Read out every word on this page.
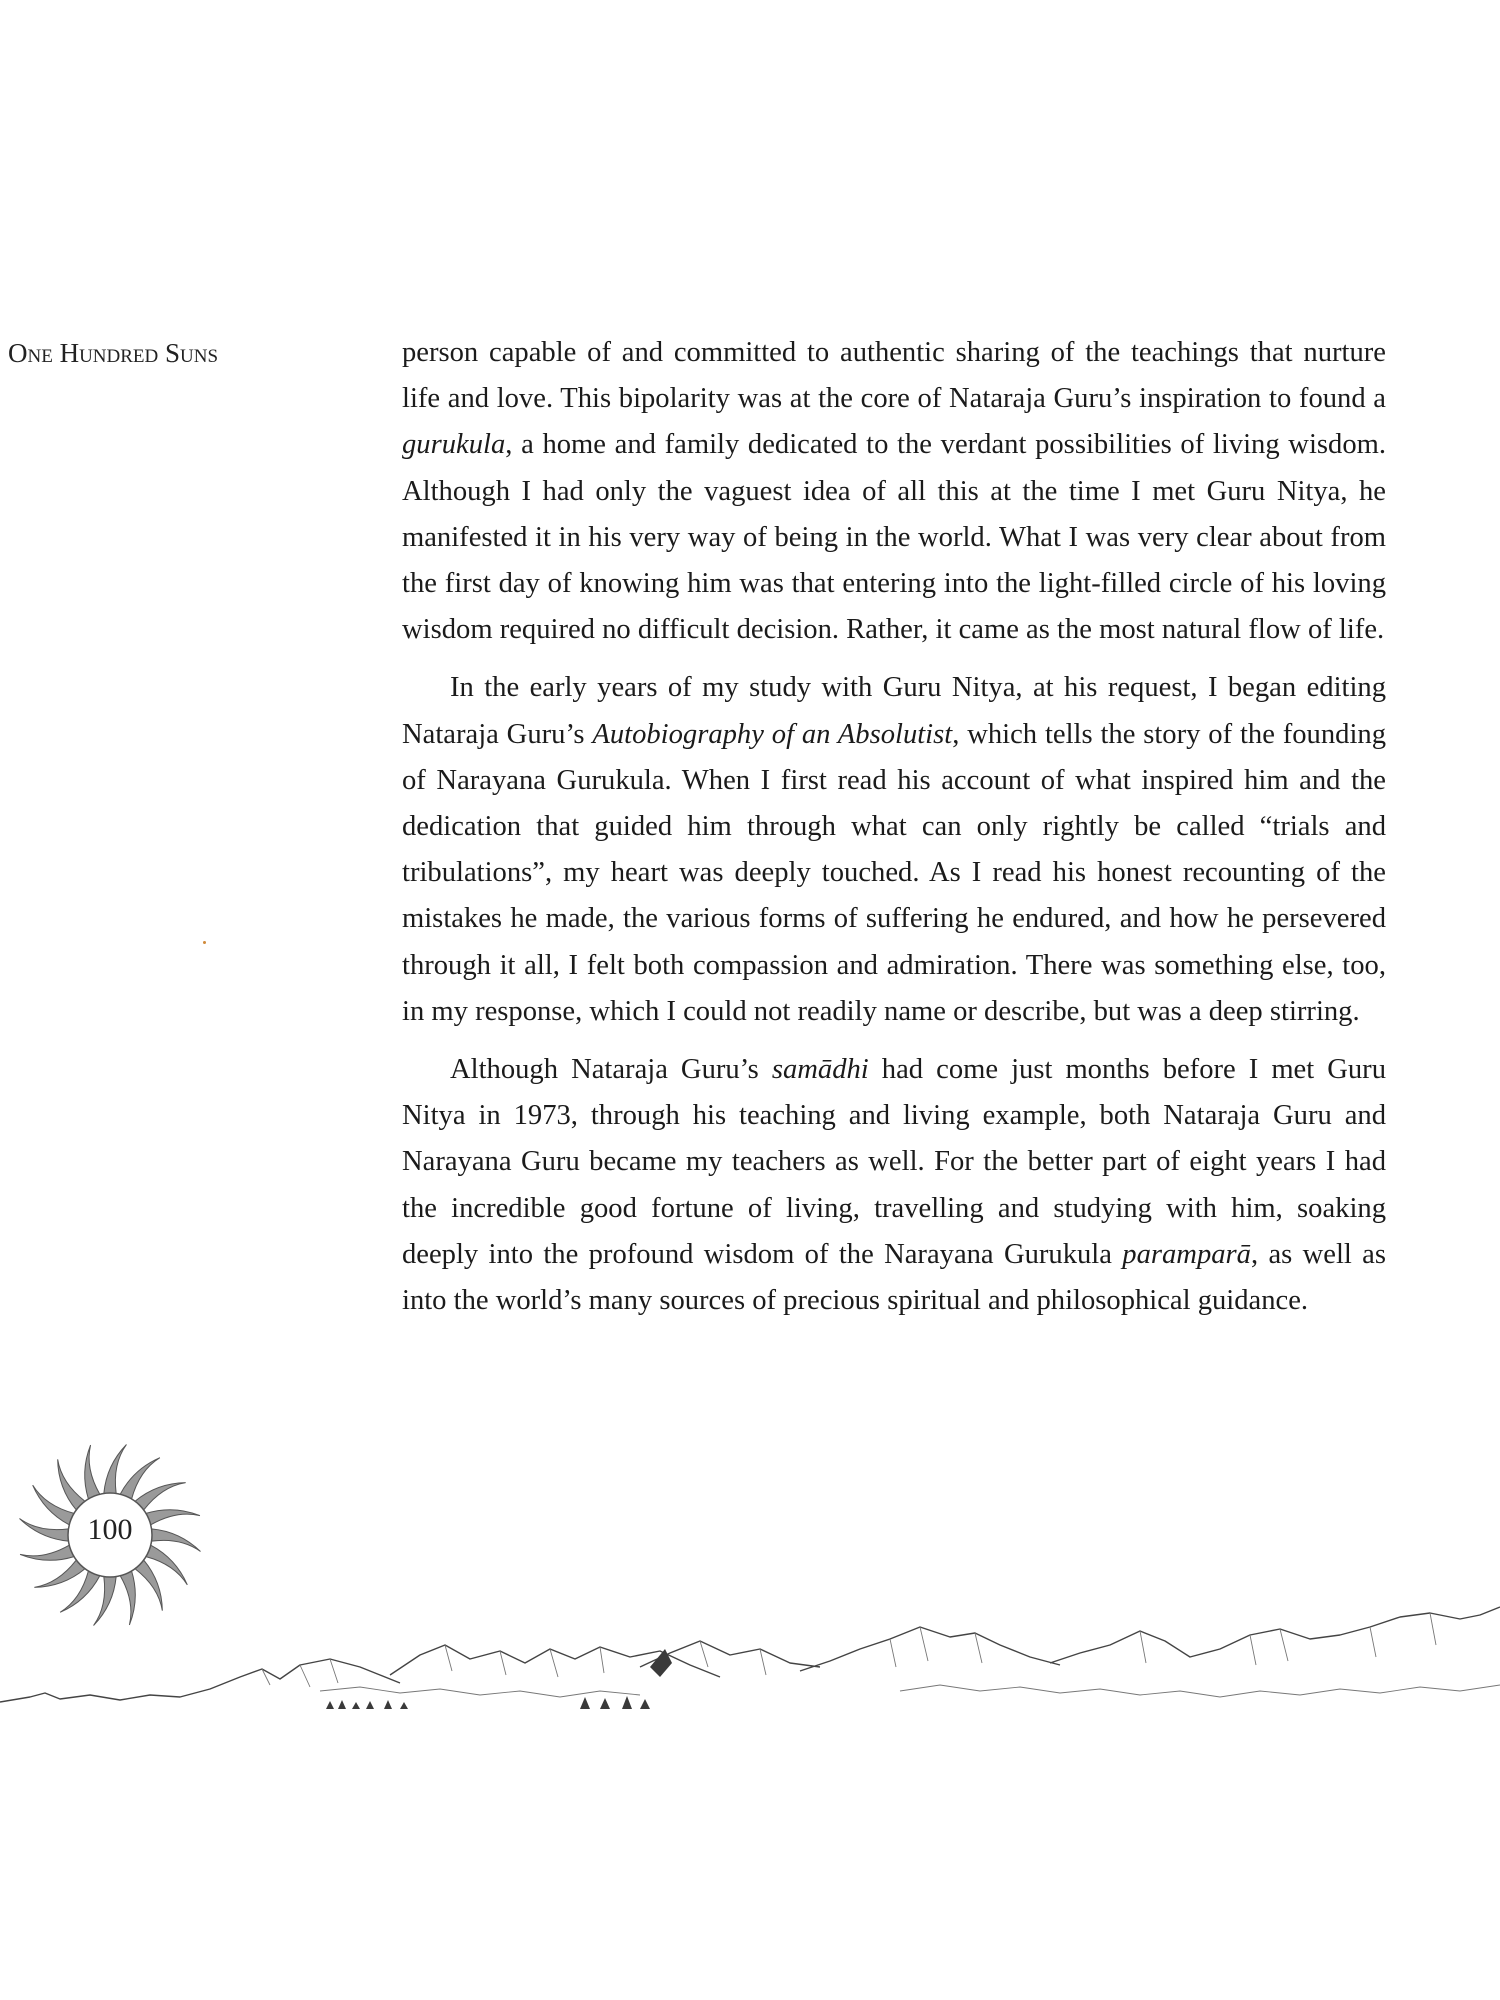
One Hundred Suns	person capable of and committed to authentic sharing of the teachings that nurture life and love. This bipolarity was at the core of Nataraja Guru’s inspiration to found a gurukula, a home and family dedicated to the verdant possibilities of living wisdom. Although I had only the vaguest idea of all this at the time I met Guru Nitya, he manifested it in his very way of being in the world. What I was very clear about from the first day of knowing him was that entering into the light-filled circle of his loving wisdom required no difficult decision. Rather, it came as the most natural flow of life.

In the early years of my study with Guru Nitya, at his request, I began editing Nataraja Guru’s Autobiography of an Absolutist, which tells the story of the founding of Narayana Gurukula. When I first read his account of what inspired him and the dedication that guided him through what can only rightly be called “trials and tribulations”, my heart was deeply touched. As I read his honest recounting of the mistakes he made, the various forms of suffering he endured, and how he persevered through it all, I felt both compassion and admiration. There was something else, too, in my response, which I could not readily name or describe, but was a deep stirring.

Although Nataraja Guru’s samādhi had come just months before I met Guru Nitya in 1973, through his teaching and living example, both Nataraja Guru and Narayana Guru became my teachers as well. For the better part of eight years I had the incredible good fortune of living, travelling and studying with him, soaking deeply into the profound wisdom of the Narayana Gurukula paramparā, as well as into the world’s many sources of precious spiritual and philosophical guidance.

100
